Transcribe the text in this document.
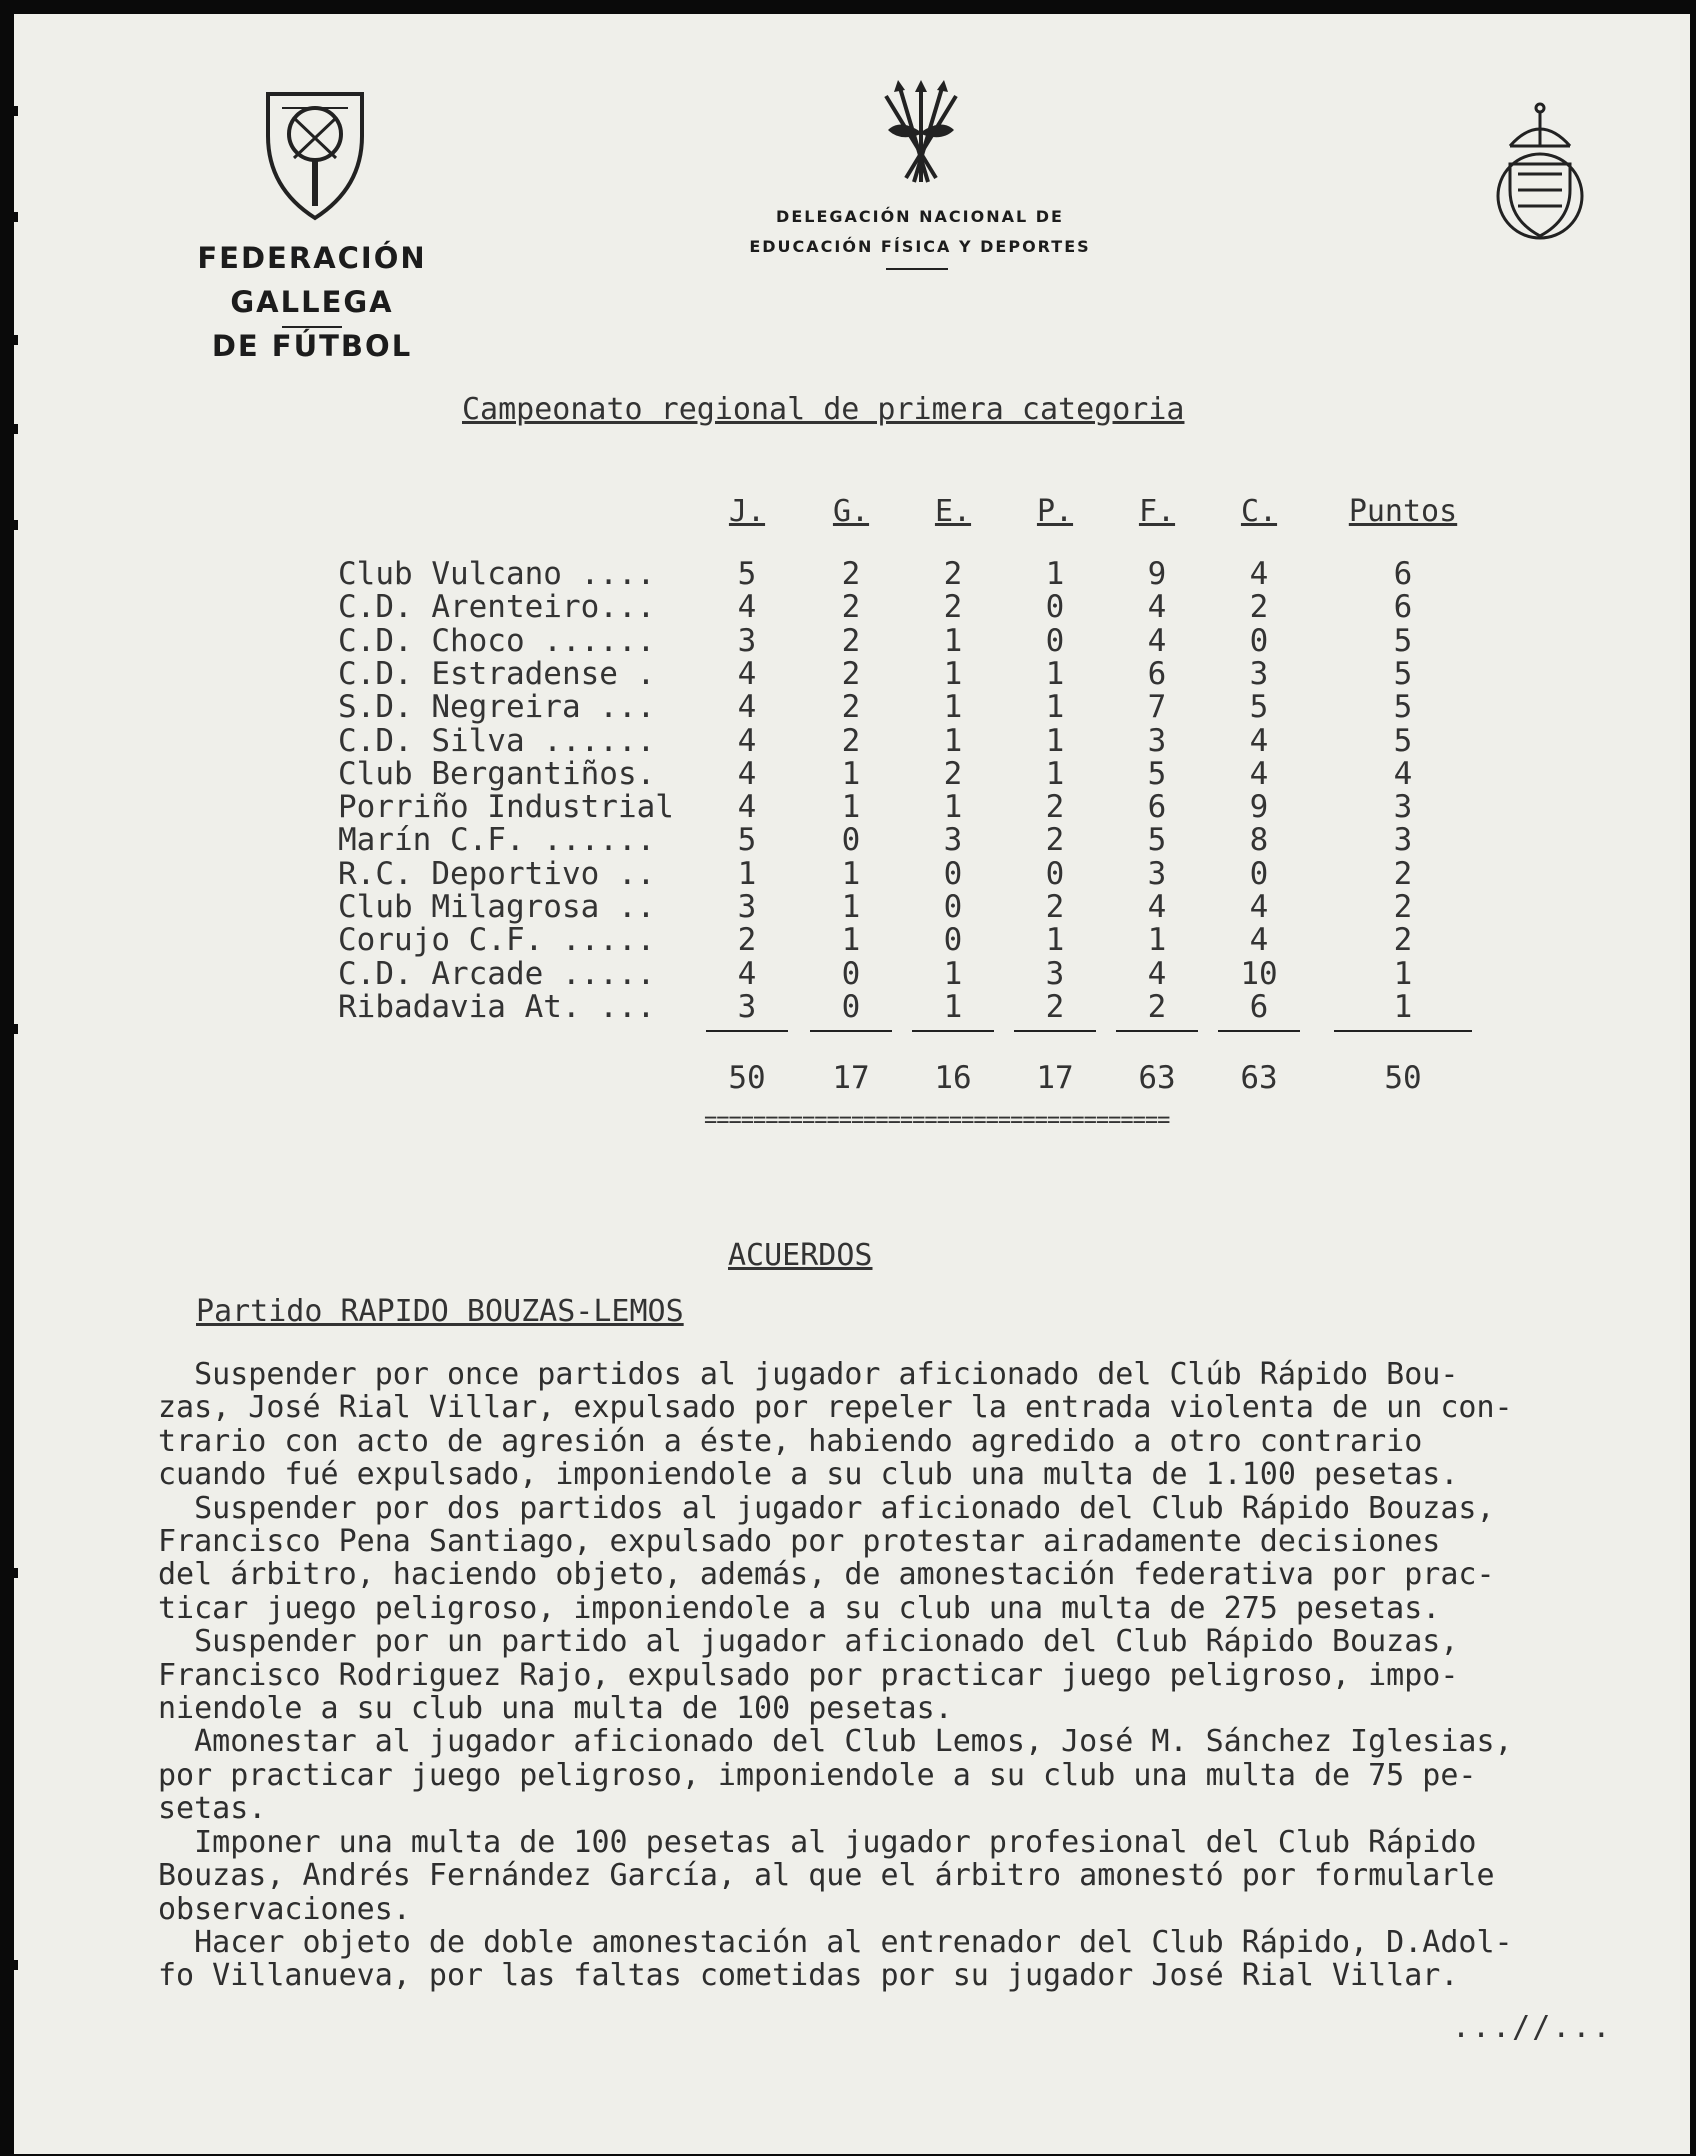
FEDERACIÓN GALLEGA
DE FÚTBOL
DELEGACIÓN NACIONAL DE
EDUCACIÓN FÍSICA Y DEPORTES
Campeonato regional de primera categoria
J.	G.	E.	P.	F.	C.	Puntos
Club Vulcano ....	5	2	2	1	9	4	6
C.D. Arenteiro...	4	2	2	0	4	2	6
C.D. Choco ......	3	2	1	0	4	0	5
C.D. Estradense .	4	2	1	1	6	3	5
S.D. Negreira ...	4	2	1	1	7	5	5
C.D. Silva ......	4	2	1	1	3	4	5
Club Bergantiños.	4	1	2	1	5	4	4
Porriño Industrial	4	1	1	2	6	9	3
Marín C.F. ......	5	0	3	2	5	8	3
R.C. Deportivo ..	1	1	0	0	3	0	2
Club Milagrosa ..	3	1	0	2	4	4	2
Corujo C.F. .....	2	1	0	1	1	4	2
C.D. Arcade .....	4	0	1	3	4	10	1
Ribadavia At. ...	3	0	1	2	2	6	1
50	17	16	17	63	63	50
======================================
ACUERDOS
Partido RAPIDO BOUZAS-LEMOS
Suspender por once partidos al jugador aficionado del Clúb Rápido Bou-
zas, José Rial Villar, expulsado por repeler la entrada violenta de un con-
trario con acto de agresión a éste, habiendo agredido a otro contrario
cuando fué expulsado, imponiendole a su club una multa de 1.100 pesetas.
Suspender por dos partidos al jugador aficionado del Club Rápido Bouzas,
Francisco Pena Santiago, expulsado por protestar airadamente decisiones
del árbitro, haciendo objeto, además, de amonestación federativa por prac-
ticar juego peligroso, imponiendole a su club una multa de 275 pesetas.
Suspender por un partido al jugador aficionado del Club Rápido Bouzas,
Francisco Rodriguez Rajo, expulsado por practicar juego peligroso, impo-
niendole a su club una multa de 100 pesetas.
Amonestar al jugador aficionado del Club Lemos, José M. Sánchez Iglesias,
por practicar juego peligroso, imponiendole a su club una multa de 75 pe-
setas.
Imponer una multa de 100 pesetas al jugador profesional del Club Rápido
Bouzas, Andrés Fernández García, al que el árbitro amonestó por formularle
observaciones.
Hacer objeto de doble amonestación al entrenador del Club Rápido, D.Adol-
fo Villanueva, por las faltas cometidas por su jugador José Rial Villar.
...//...
